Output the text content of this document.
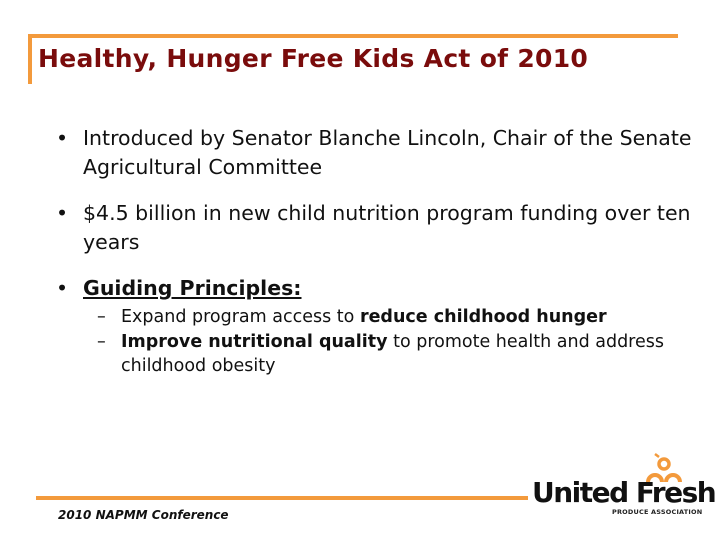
Healthy, Hunger Free Kids Act of 2010
• Introduced by Senator Blanche Lincoln, Chair of the Senate Agricultural Committee
• $4.5 billion in new child nutrition program funding over ten years
• Guiding Principles:
– Expand program access to reduce childhood hunger
– Improve nutritional quality to promote health and address childhood obesity
2010 NAPMM Conference
United Fresh
PRODUCE ASSOCIATION
